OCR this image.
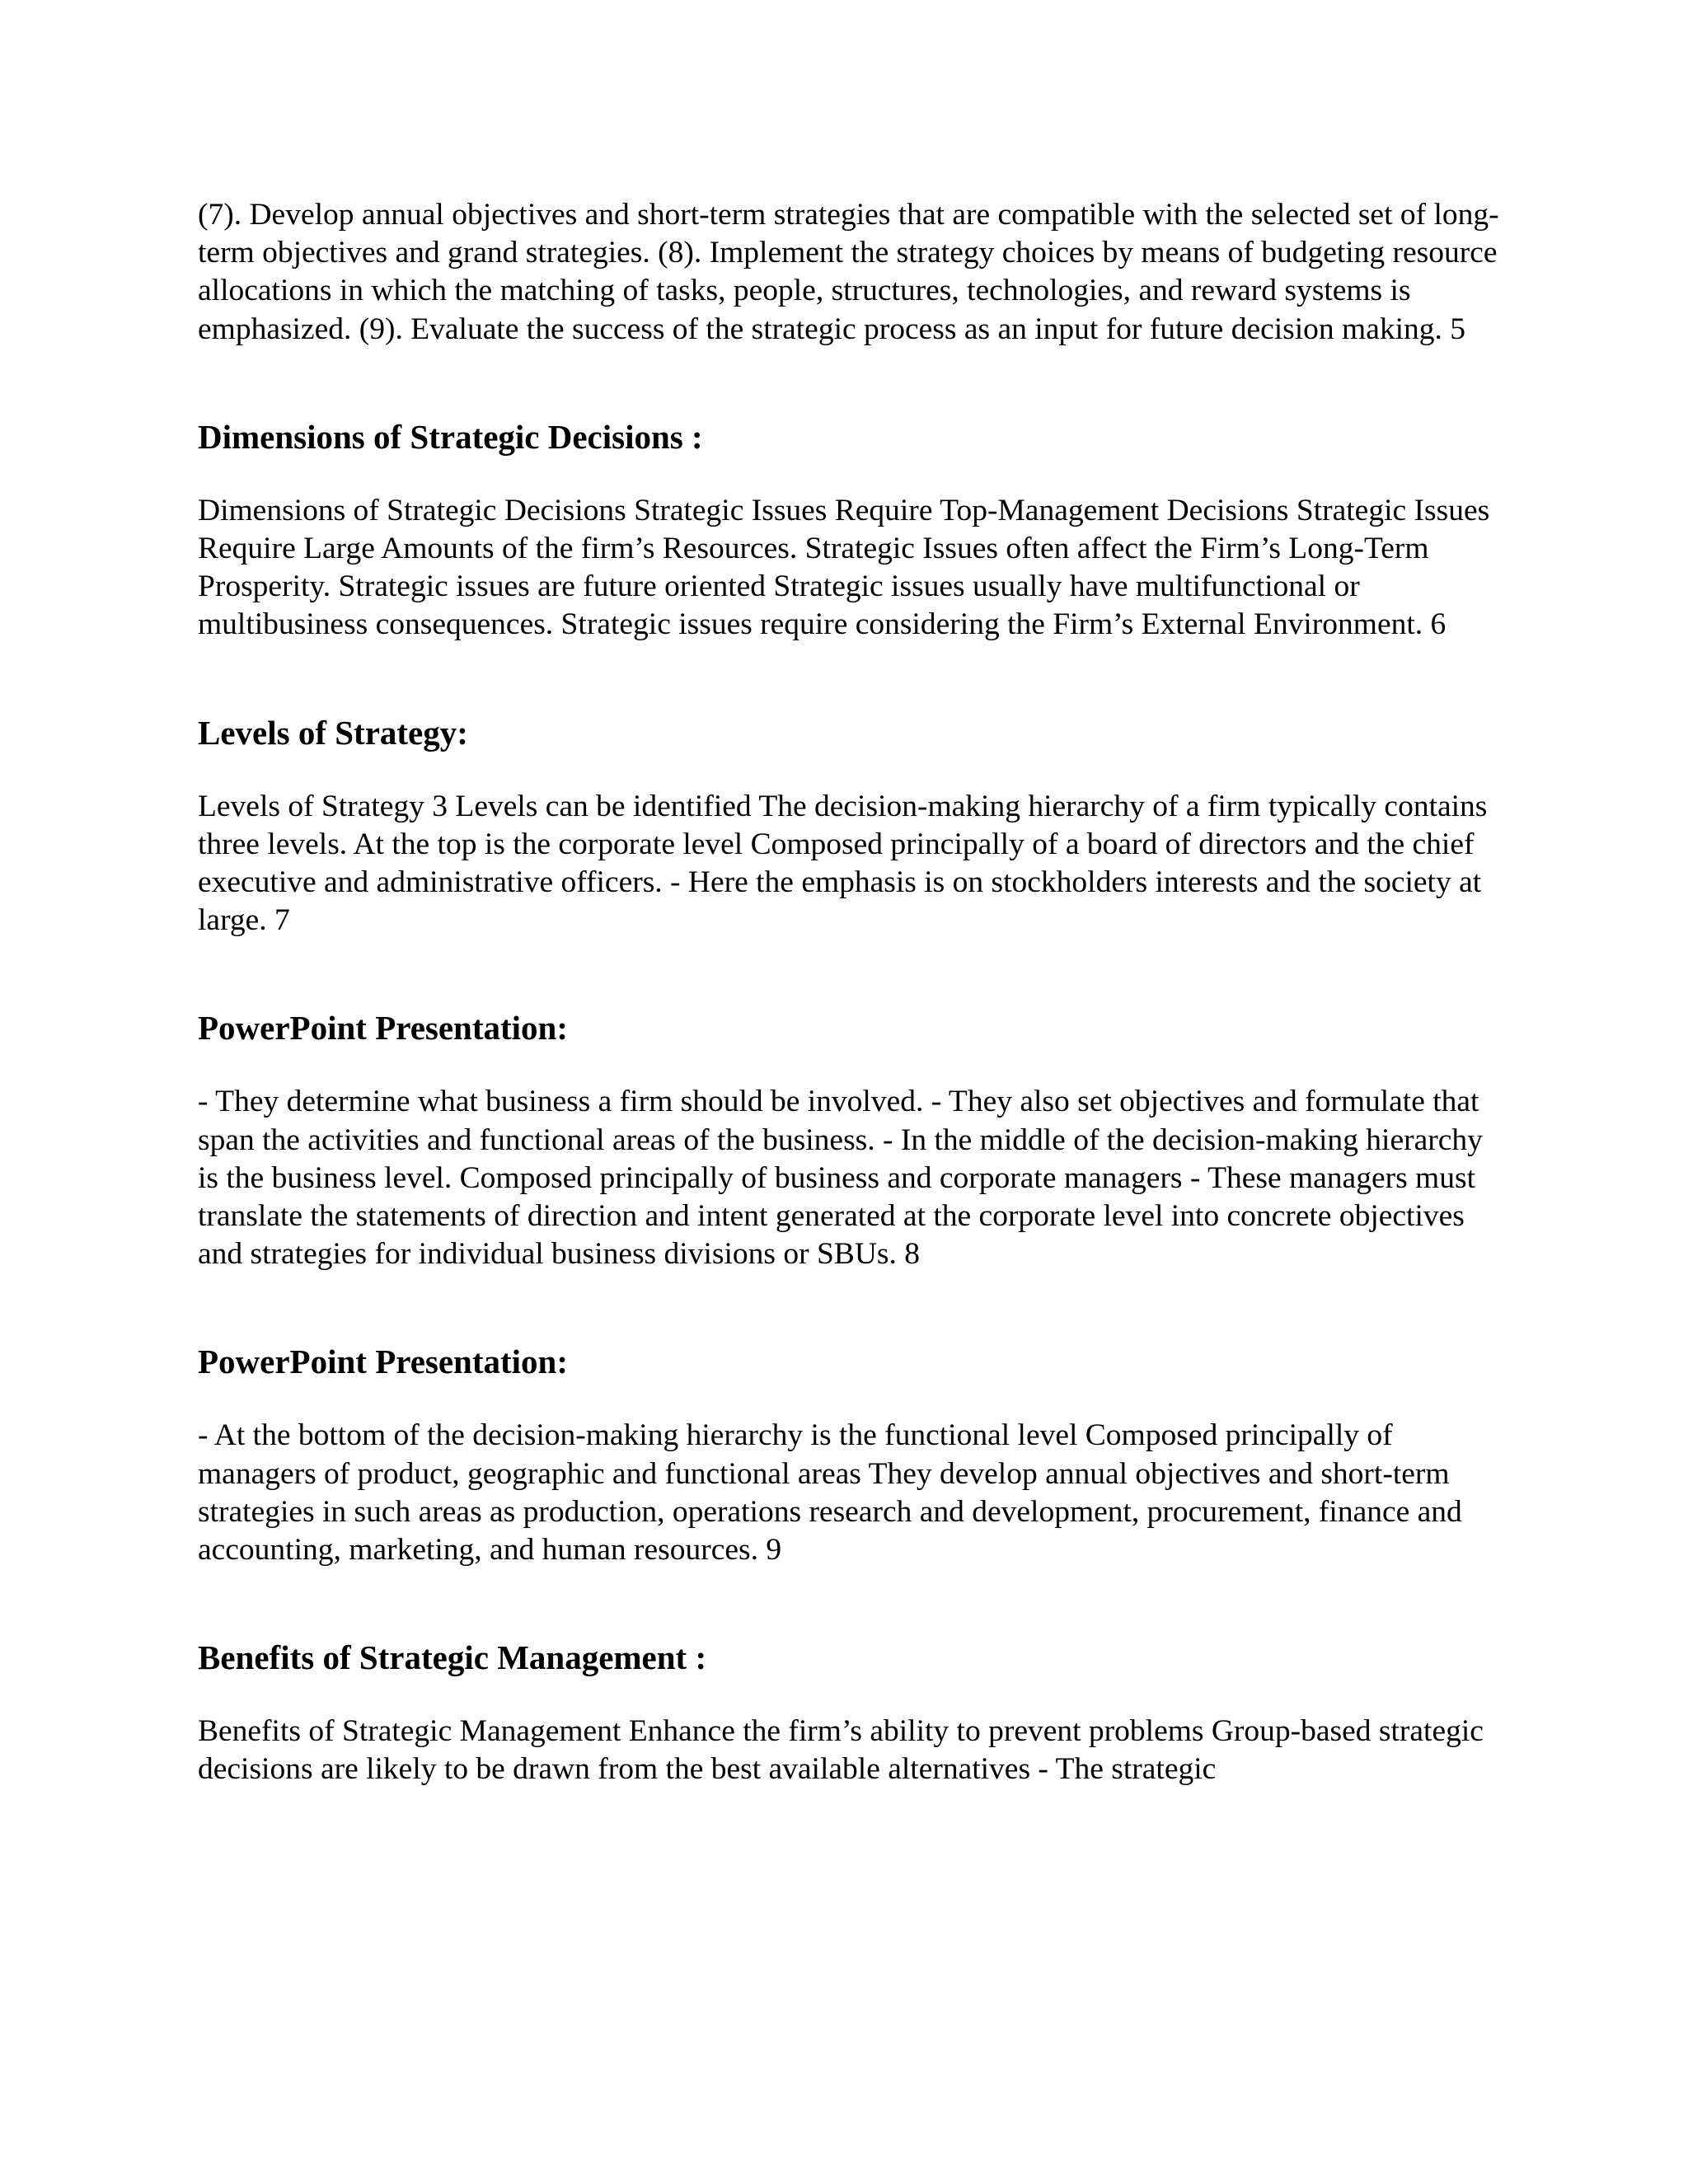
(7). Develop annual objectives and short-term strategies that are compatible with the selected set of long-term objectives and grand strategies. (8). Implement the strategy choices by means of budgeting resource allocations in which the matching of tasks, people, structures, technologies, and reward systems is emphasized. (9). Evaluate the success of the strategic process as an input for future decision making. 5

Dimensions of Strategic Decisions :

Dimensions of Strategic Decisions Strategic Issues Require Top-Management Decisions Strategic Issues Require Large Amounts of the firm’s Resources. Strategic Issues often affect the Firm’s Long-Term Prosperity. Strategic issues are future oriented Strategic issues usually have multifunctional or multibusiness consequences. Strategic issues require considering the Firm’s External Environment. 6

Levels of Strategy:

Levels of Strategy 3 Levels can be identified The decision-making hierarchy of a firm typically contains three levels. At the top is the corporate level Composed principally of a board of directors and the chief executive and administrative officers. - Here the emphasis is on stockholders interests and the society at large. 7

PowerPoint Presentation:

- They determine what business a firm should be involved. - They also set objectives and formulate that span the activities and functional areas of the business. - In the middle of the decision-making hierarchy is the business level. Composed principally of business and corporate managers - These managers must translate the statements of direction and intent generated at the corporate level into concrete objectives and strategies for individual business divisions or SBUs. 8

PowerPoint Presentation:

- At the bottom of the decision-making hierarchy is the functional level Composed principally of managers of product, geographic and functional areas They develop annual objectives and short-term strategies in such areas as production, operations research and development, procurement, finance and accounting, marketing, and human resources. 9

Benefits of Strategic Management :

Benefits of Strategic Management Enhance the firm’s ability to prevent problems Group-based strategic decisions are likely to be drawn from the best available alternatives - The strategic
